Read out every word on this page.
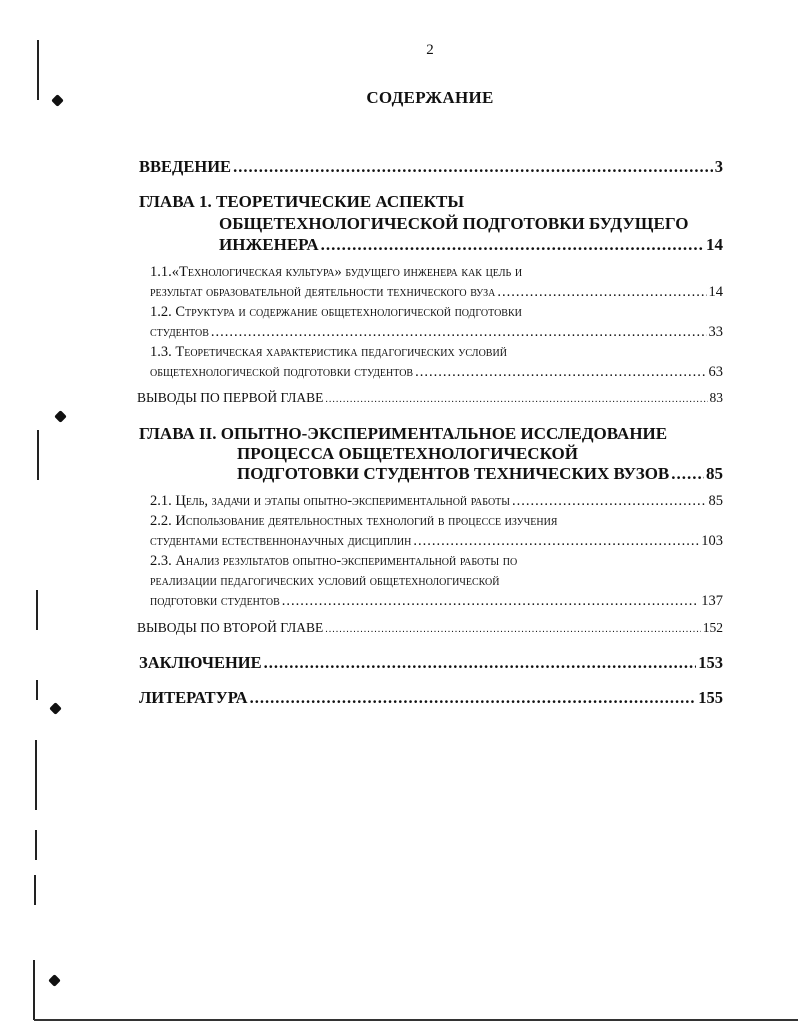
2
СОДЕРЖАНИЕ
ВВЕДЕНИЕ .....	3
ГЛАВА 1. ТЕОРЕТИЧЕСКИЕ АСПЕКТЫ
ОБЩЕТЕХНОЛОГИЧЕСКОЙ ПОДГОТОВКИ БУДУЩЕГО
ИНЖЕНЕРА .....	14
1.1.«Технологическая культура» будущего инженера как цель и
результат образовательной деятельности технического вуза .....	14
1.2. Структура и содержание общетехнологической подготовки
студентов .....	33
1.3. Теоретическая характеристика педагогических условий
общетехнологической подготовки студентов .....	63
ВЫВОДЫ ПО ПЕРВОЙ ГЛАВЕ .....	83
ГЛАВА II. ОПЫТНО-ЭКСПЕРИМЕНТАЛЬНОЕ ИССЛЕДОВАНИЕ
ПРОЦЕССА ОБЩЕТЕХНОЛОГИЧЕСКОЙ
ПОДГОТОВКИ СТУДЕНТОВ ТЕХНИЧЕСКИХ ВУЗОВ ..... 85
2.1. Цель, задачи и этапы опытно-экспериментальной работы .....	85
2.2. Использование деятельностных технологий в процессе изучения
студентами естественнонаучных дисциплин .....	103
2.3. Анализ результатов опытно-экспериментальной работы по
реализации педагогических условий общетехнологической
подготовки студентов .....	137
ВЫВОДЫ ПО ВТОРОЙ ГЛАВЕ .....	152
ЗАКЛЮЧЕНИЕ .....	153
ЛИТЕРАТУРА .....	155
